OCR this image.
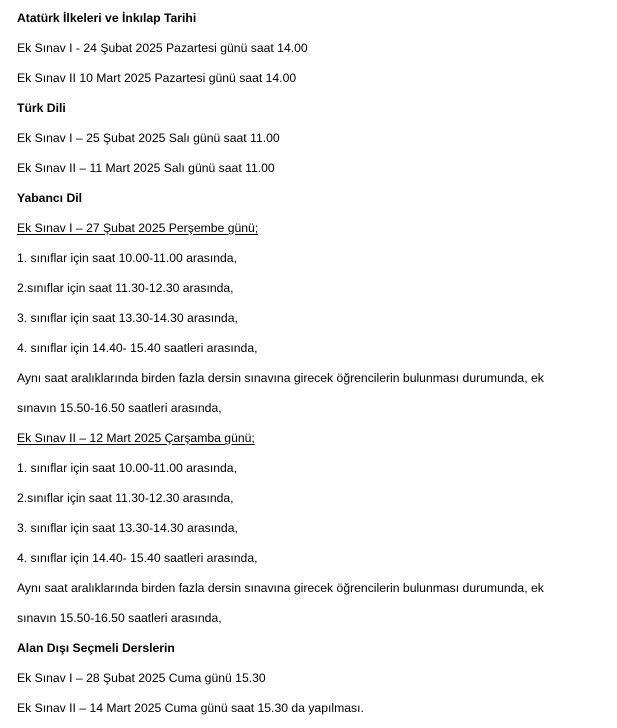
Atatürk İlkeleri ve İnkılap Tarihi
Ek Sınav I - 24 Şubat 2025 Pazartesi günü saat 14.00
Ek Sınav II 10 Mart 2025 Pazartesi günü saat 14.00
Türk Dili
Ek Sınav I – 25 Şubat 2025 Salı günü saat 11.00
Ek Sınav II – 11 Mart 2025 Salı günü saat 11.00
Yabancı Dil
Ek Sınav I – 27 Şubat 2025 Perşembe günü;
1. sınıflar için saat 10.00-11.00 arasında,
2.sınıflar için saat 11.30-12.30 arasında,
3. sınıflar için saat 13.30-14.30 arasında,
4. sınıflar için 14.40- 15.40 saatleri arasında,
Aynı saat aralıklarında birden fazla dersin sınavına girecek öğrencilerin bulunması durumunda, ek
sınavın 15.50-16.50 saatleri arasında,
Ek Sınav II – 12 Mart 2025 Çarşamba günü;
1. sınıflar için saat 10.00-11.00 arasında,
2.sınıflar için saat 11.30-12.30 arasında,
3. sınıflar için saat 13.30-14.30 arasında,
4. sınıflar için 14.40- 15.40 saatleri arasında,
Aynı saat aralıklarında birden fazla dersin sınavına girecek öğrencilerin bulunması durumunda, ek
sınavın 15.50-16.50 saatleri arasında,
Alan Dışı Seçmeli Derslerin
Ek Sınav I – 28 Şubat 2025 Cuma günü 15.30
Ek Sınav II – 14 Mart 2025 Cuma günü saat 15.30 da yapılması.
